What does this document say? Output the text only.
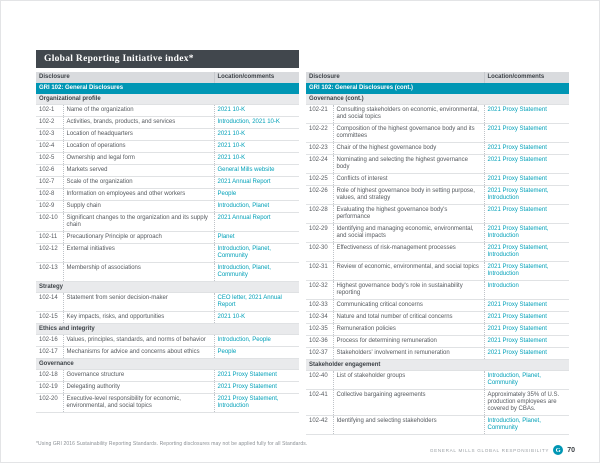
Global Reporting Initiative index*
Disclosure		Location/comments
GRI 102: General Disclosures		
Organizational profile		
102-1	Name of the organization	2021 10-K
102-2	Activities, brands, products, and services	Introduction, 2021 10-K
102-3	Location of headquarters	2021 10-K
102-4	Location of operations	2021 10-K
102-5	Ownership and legal form	2021 10-K
102-6	Markets served	General Mills website
102-7	Scale of the organization	2021 Annual Report
102-8	Information on employees and other workers	People
102-9	Supply chain	Introduction, Planet
102-10	Significant changes to the organization and its supply chain	2021 Annual Report
102-11	Precautionary Principle or approach	Planet
102-12	External initiatives	Introduction, Planet, Community
102-13	Membership of associations	Introduction, Planet, Community
Strategy		
102-14	Statement from senior decision-maker	CEO letter, 2021 Annual Report
102-15	Key impacts, risks, and opportunities	2021 10-K
Ethics and integrity		
102-16	Values, principles, standards, and norms of behavior	Introduction, People
102-17	Mechanisms for advice and concerns about ethics	People
Governance		
102-18	Governance structure	2021 Proxy Statement
102-19	Delegating authority	2021 Proxy Statement
102-20	Executive-level responsibility for economic, environmental, and social topics	2021 Proxy Statement, Introduction
Disclosure		Location/comments
GRI 102: General Disclosures (cont.)		
Governance (cont.)		
102-21	Consulting stakeholders on economic, environmental, and social topics	2021 Proxy Statement
102-22	Composition of the highest governance body and its committees	2021 Proxy Statement
102-23	Chair of the highest governance body	2021 Proxy Statement
102-24	Nominating and selecting the highest governance body	2021 Proxy Statement
102-25	Conflicts of interest	2021 Proxy Statement
102-26	Role of highest governance body in setting purpose, values, and strategy	2021 Proxy Statement, Introduction
102-28	Evaluating the highest governance body's performance	2021 Proxy Statement
102-29	Identifying and managing economic, environmental, and social impacts	2021 Proxy Statement, Introduction
102-30	Effectiveness of risk-management processes	2021 Proxy Statement, Introduction
102-31	Review of economic, environmental, and social topics	2021 Proxy Statement, Introduction
102-32	Highest governance body's role in sustainability reporting	Introduction
102-33	Communicating critical concerns	2021 Proxy Statement
102-34	Nature and total number of critical concerns	2021 Proxy Statement
102-35	Remuneration policies	2021 Proxy Statement
102-36	Process for determining remuneration	2021 Proxy Statement
102-37	Stakeholders' involvement in remuneration	2021 Proxy Statement
Stakeholder engagement		
102-40	List of stakeholder groups	Introduction, Planet, Community
102-41	Collective bargaining agreements	Approximately 35% of U.S. production employees are covered by CBAs.
102-42	Identifying and selecting stakeholders	Introduction, Planet, Community
*Using GRI 2016 Sustainability Reporting Standards. Reporting disclosures may not be applied fully for all Standards.
GENERAL MILLS GLOBAL RESPONSIBILITY G 70
